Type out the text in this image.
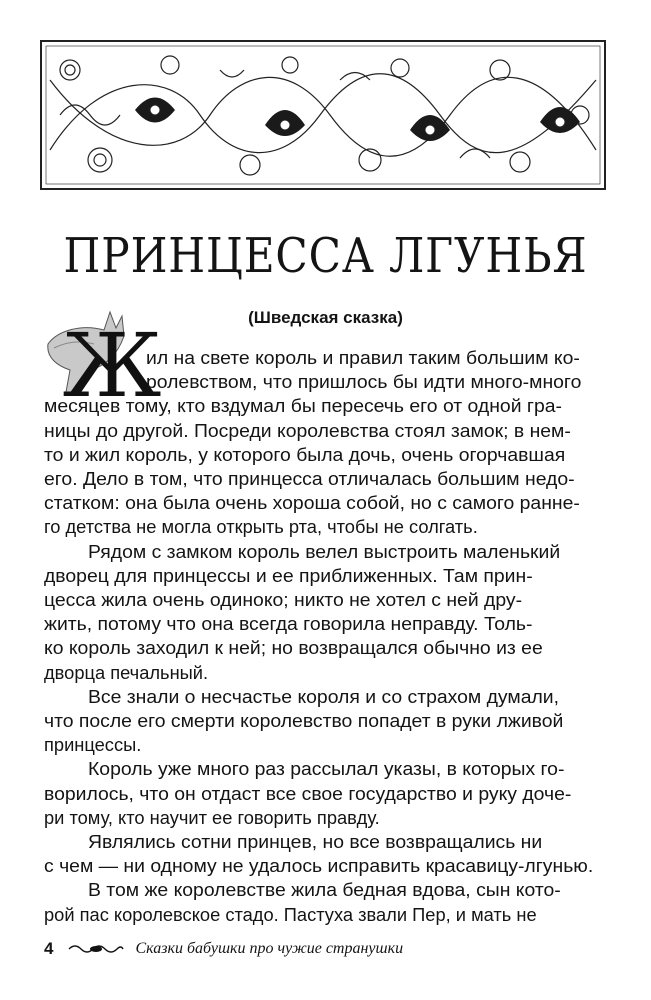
ПРИНЦЕССА ЛГУНЬЯ
(Шведская сказка)
Ж
ил на свете король и правил таким большим ко-
ролевством, что пришлось бы идти много-много
месяцев тому, кто вздумал бы пересечь его от одной гра-
ницы до другой. Посреди королевства стоял замок; в нем-
то и жил король, у которого была дочь, очень огорчавшая
его. Дело в том, что принцесса отличалась большим недо-
статком: она была очень хороша собой, но с самого ранне-
го детства не могла открыть рта, чтобы не солгать.
Рядом с замком король велел выстроить маленький
дворец для принцессы и ее приближенных. Там прин-
цесса жила очень одиноко; никто не хотел с ней дру-
жить, потому что она всегда говорила неправду. Толь-
ко король заходил к ней; но возвращался обычно из ее
дворца печальный.
Все знали о несчастье короля и со страхом думали,
что после его смерти королевство попадет в руки лживой
принцессы.
Король уже много раз рассылал указы, в которых го-
ворилось, что он отдаст все свое государство и руку доче-
ри тому, кто научит ее говорить правду.
Являлись сотни принцев, но все возвращались ни
с чем — ни одному не удалось исправить красавицу-лгунью.
В том же королевстве жила бедная вдова, сын кото-
рой пас королевское стадо. Пастуха звали Пер, и мать не
4	Сказки бабушки про чужие странушки
